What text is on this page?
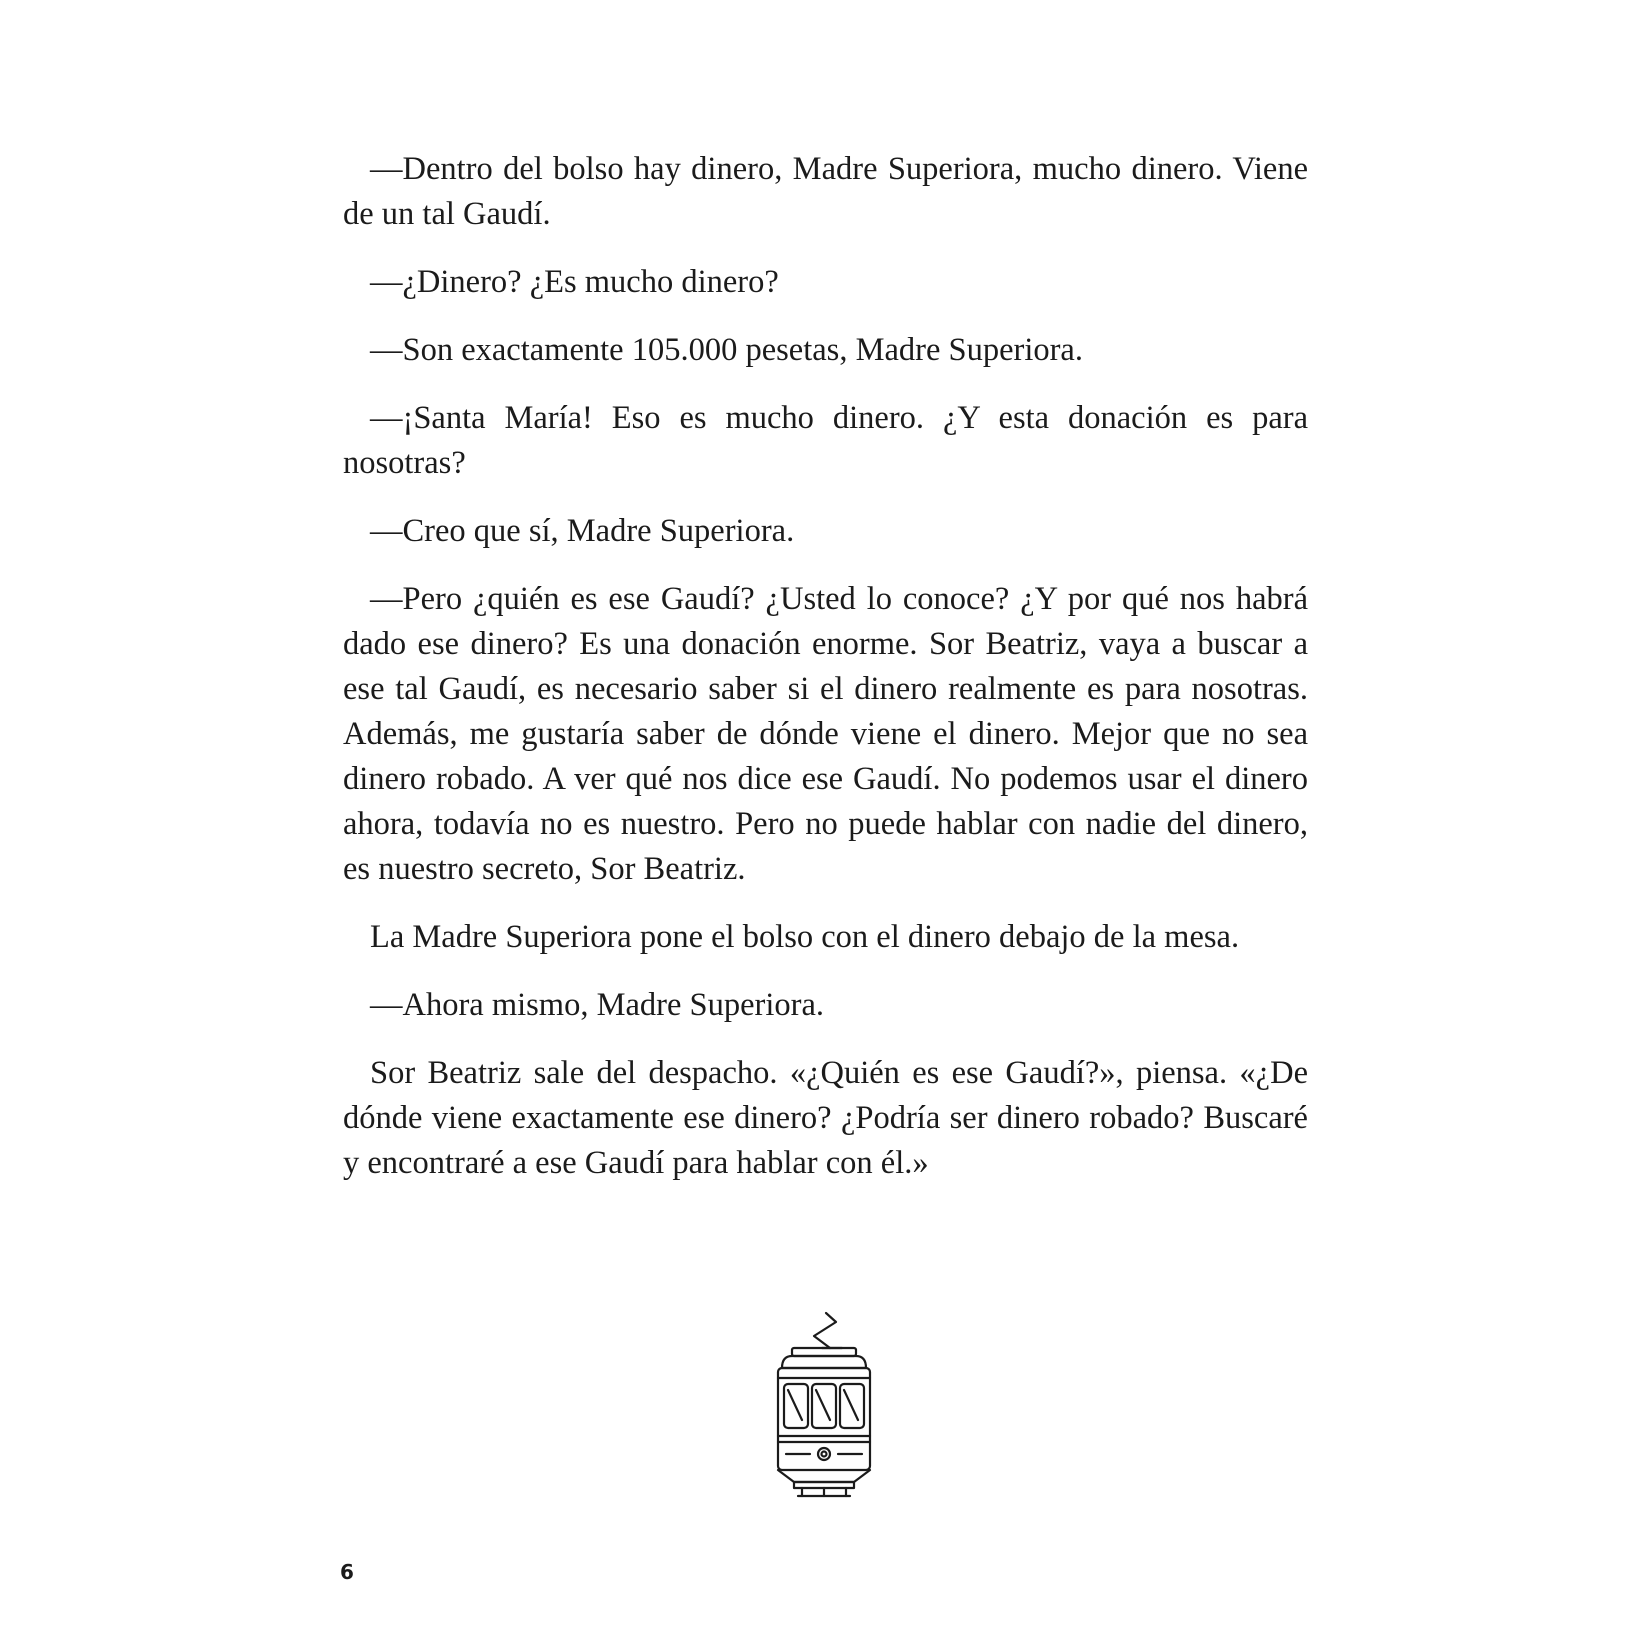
—Dentro del bolso hay dinero, Madre Superiora, mucho dinero. Viene de un tal Gaudí.

—¿Dinero? ¿Es mucho dinero?

—Son exactamente 105.000 pesetas, Madre Superiora.

—¡Santa María! Eso es mucho dinero. ¿Y esta donación es para nosotras?

—Creo que sí, Madre Superiora.

—Pero ¿quién es ese Gaudí? ¿Usted lo conoce? ¿Y por qué nos habrá dado ese dinero? Es una donación enorme. Sor Beatriz, vaya a buscar a ese tal Gaudí, es necesario saber si el dinero realmente es para nosotras. Además, me gustaría saber de dónde viene el dinero. Mejor que no sea dinero robado. A ver qué nos dice ese Gaudí. No podemos usar el dinero ahora, todavía no es nuestro. Pero no puede hablar con nadie del dinero, es nuestro secreto, Sor Beatriz.

La Madre Superiora pone el bolso con el dinero debajo de la mesa.

—Ahora mismo, Madre Superiora.

Sor Beatriz sale del despacho. «¿Quién es ese Gaudí?», piensa. «¿De dónde viene exactamente ese dinero? ¿Podría ser dinero robado? Buscaré y encontraré a ese Gaudí para hablar con él.»

6
